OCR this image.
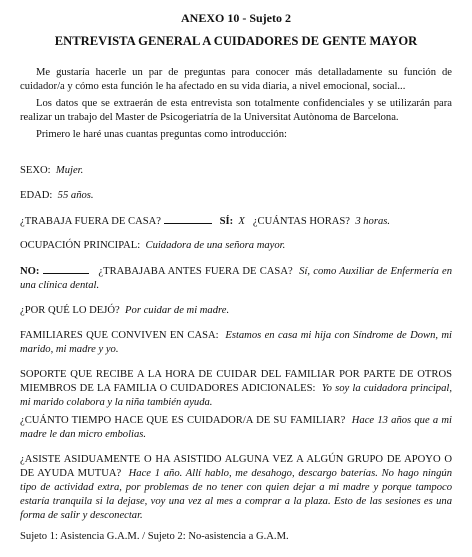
ANEXO 10 - Sujeto 2
ENTREVISTA GENERAL A CUIDADORES DE GENTE MAYOR
Me gustaría hacerle un par de preguntas para conocer más detalladamente su función de cuidador/a y cómo esta función le ha afectado en su vida diaria, a nivel emocional, social...
Los datos que se extraerán de esta entrevista son totalmente confidenciales y se utilizarán para realizar un trabajo del Master de Psicogeriatría de la Universitat Autònoma de Barcelona.
Primero le haré unas cuantas preguntas como introducción:
SEXO: Mujer.
EDAD: 55 años.
¿TRABAJA FUERA DE CASA?	SÍ: X ¿CUÁNTAS HORAS? 3 horas.
OCUPACIÓN PRINCIPAL: Cuidadora de una señora mayor.
NO:	¿TRABAJABA ANTES FUERA DE CASA? Sí, como Auxiliar de Enfermería en una clínica dental.
¿POR QUÉ LO DEJÓ? Por cuidar de mi madre.
FAMILIARES QUE CONVIVEN EN CASA: Estamos en casa mi hija con Síndrome de Down, mi marido, mi madre y yo.
SOPORTE QUE RECIBE A LA HORA DE CUIDAR DEL FAMILIAR POR PARTE DE OTROS MIEMBROS DE LA FAMILIA O CUIDADORES ADICIONALES: Yo soy la cuidadora principal, mi marido colabora y la niña también ayuda.
¿CUÁNTO TIEMPO HACE QUE ES CUIDADOR/A DE SU FAMILIAR? Hace 13 años que a mi madre le dan micro embolias.
¿ASISTE ASIDUAMENTE O HA ASISTIDO ALGUNA VEZ A ALGÚN GRUPO DE APOYO O DE AYUDA MUTUA? Hace 1 año. Allí hablo, me desahogo, descargo baterías. No hago ningún tipo de actividad extra, por problemas de no tener con quien dejar a mi madre y porque tampoco estaría tranquila si la dejase, voy una vez al mes a comprar a la plaza. Esto de las sesiones es una forma de salir y desconectar.
Sujeto 1: Asistencia G.A.M. / Sujeto 2: No-asistencia a G.A.M.
